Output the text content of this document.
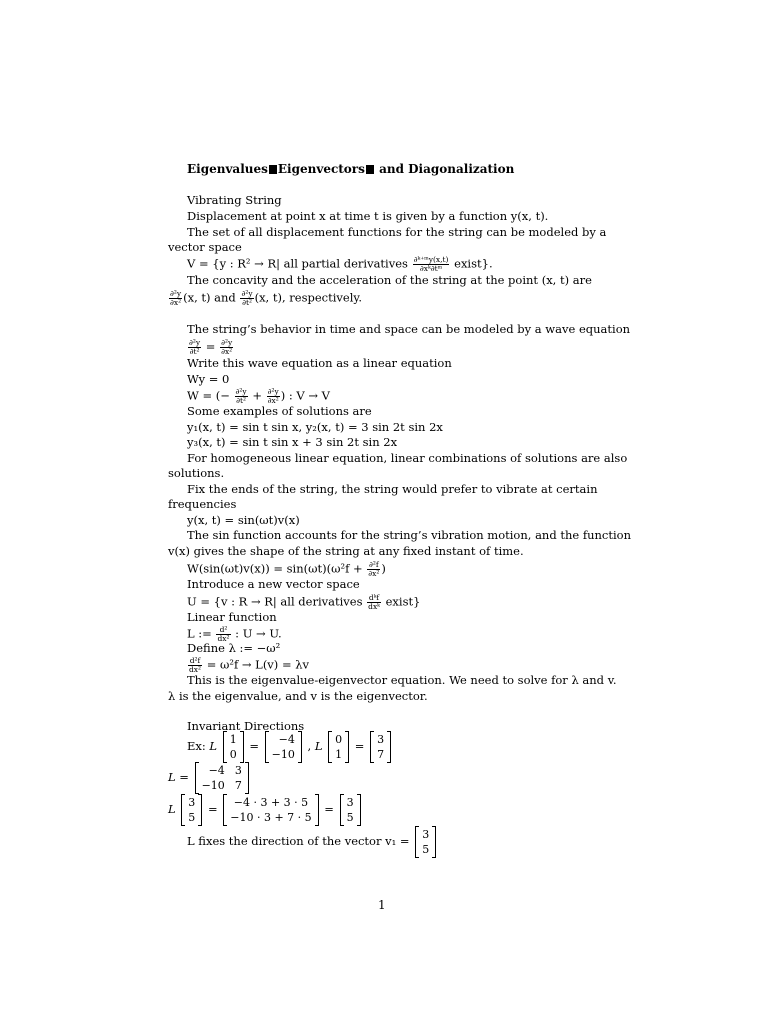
Eigenvalues Eigenvectors and Diagonalization
Vibrating String
Displacement at point x at time t is given by a function y(x, t).
The set of all displacement functions for the string can be modeled by a
vector space
V = {y : R² → R| all partial derivatives $\frac{\text{∂ᵏ⁺ᵐy(x,t)}}{\text{∂xᵏ∂tᵐ}}$ exist}.
The concavity and the acceleration of the string at the point (x, t) are
$\frac{\text{∂²y}}{\text{∂x²}} (x$, t) and $\frac{\text{∂²y}}{\text{∂t²}} (x$, t), respectively.
The string’s behavior in time and space can be modeled by a wave equation
$\frac{\text{∂²y}}{\text{∂t²}} = \frac{\text{∂²y}}{\text{∂x²}}$
Write this wave equation as a linear equation
Wy = 0
W = (− $\frac{\text{∂²y}}{\text{∂t²}} + \frac{\text{∂²y}}{\text{∂x²}}$ ) : V → V
Some examples of solutions are
y₁(x, t) = sin t sin x, y₂(x, t) = 3 sin 2t sin 2x
y₃(x, t) = sin t sin x + 3 sin 2t sin 2x
For homogeneous linear equation, linear combinations of solutions are also
solutions.
Fix the ends of the string, the string would prefer to vibrate at certain
frequencies
y(x, t) = sin(ωt)v(x)
The sin function accounts for the string’s vibration motion, and the function
v(x) gives the shape of the string at any fixed instant of time.
$W(\sin(\omega t)v(x)) = \sin(\omega t)(\omega^2f + \frac{\text{∂²f}}{\text{∂x²}}$ )
Introduce a new vector space
U = {v : R → R| all derivatives dᵏf
dxᵏ exist}
Linear function
L := $\frac{\text{d²}}{\text{dx²}}$ : U → U.
Define λ := −ω²
$\frac{\text{d²f}}{\text{dx²}} = \omega^2f \to L(v) = \lambda v$
This is the eigenvalue-eigenvector equation. We need to solve for λ and v.
λ is the eigenvalue, and v is the eigenvector.
Invariant Directions
Ex: L 1
0
=	−4
−10
, L 0
1
= 3
7
L =	−4 3
−10 7
L 3
5
=	−4 · 3 + 3 · 5
−10 · 3 + 7 · 5
= 3
5
L fixes the direction of the vector v₁ = 3
5
1
